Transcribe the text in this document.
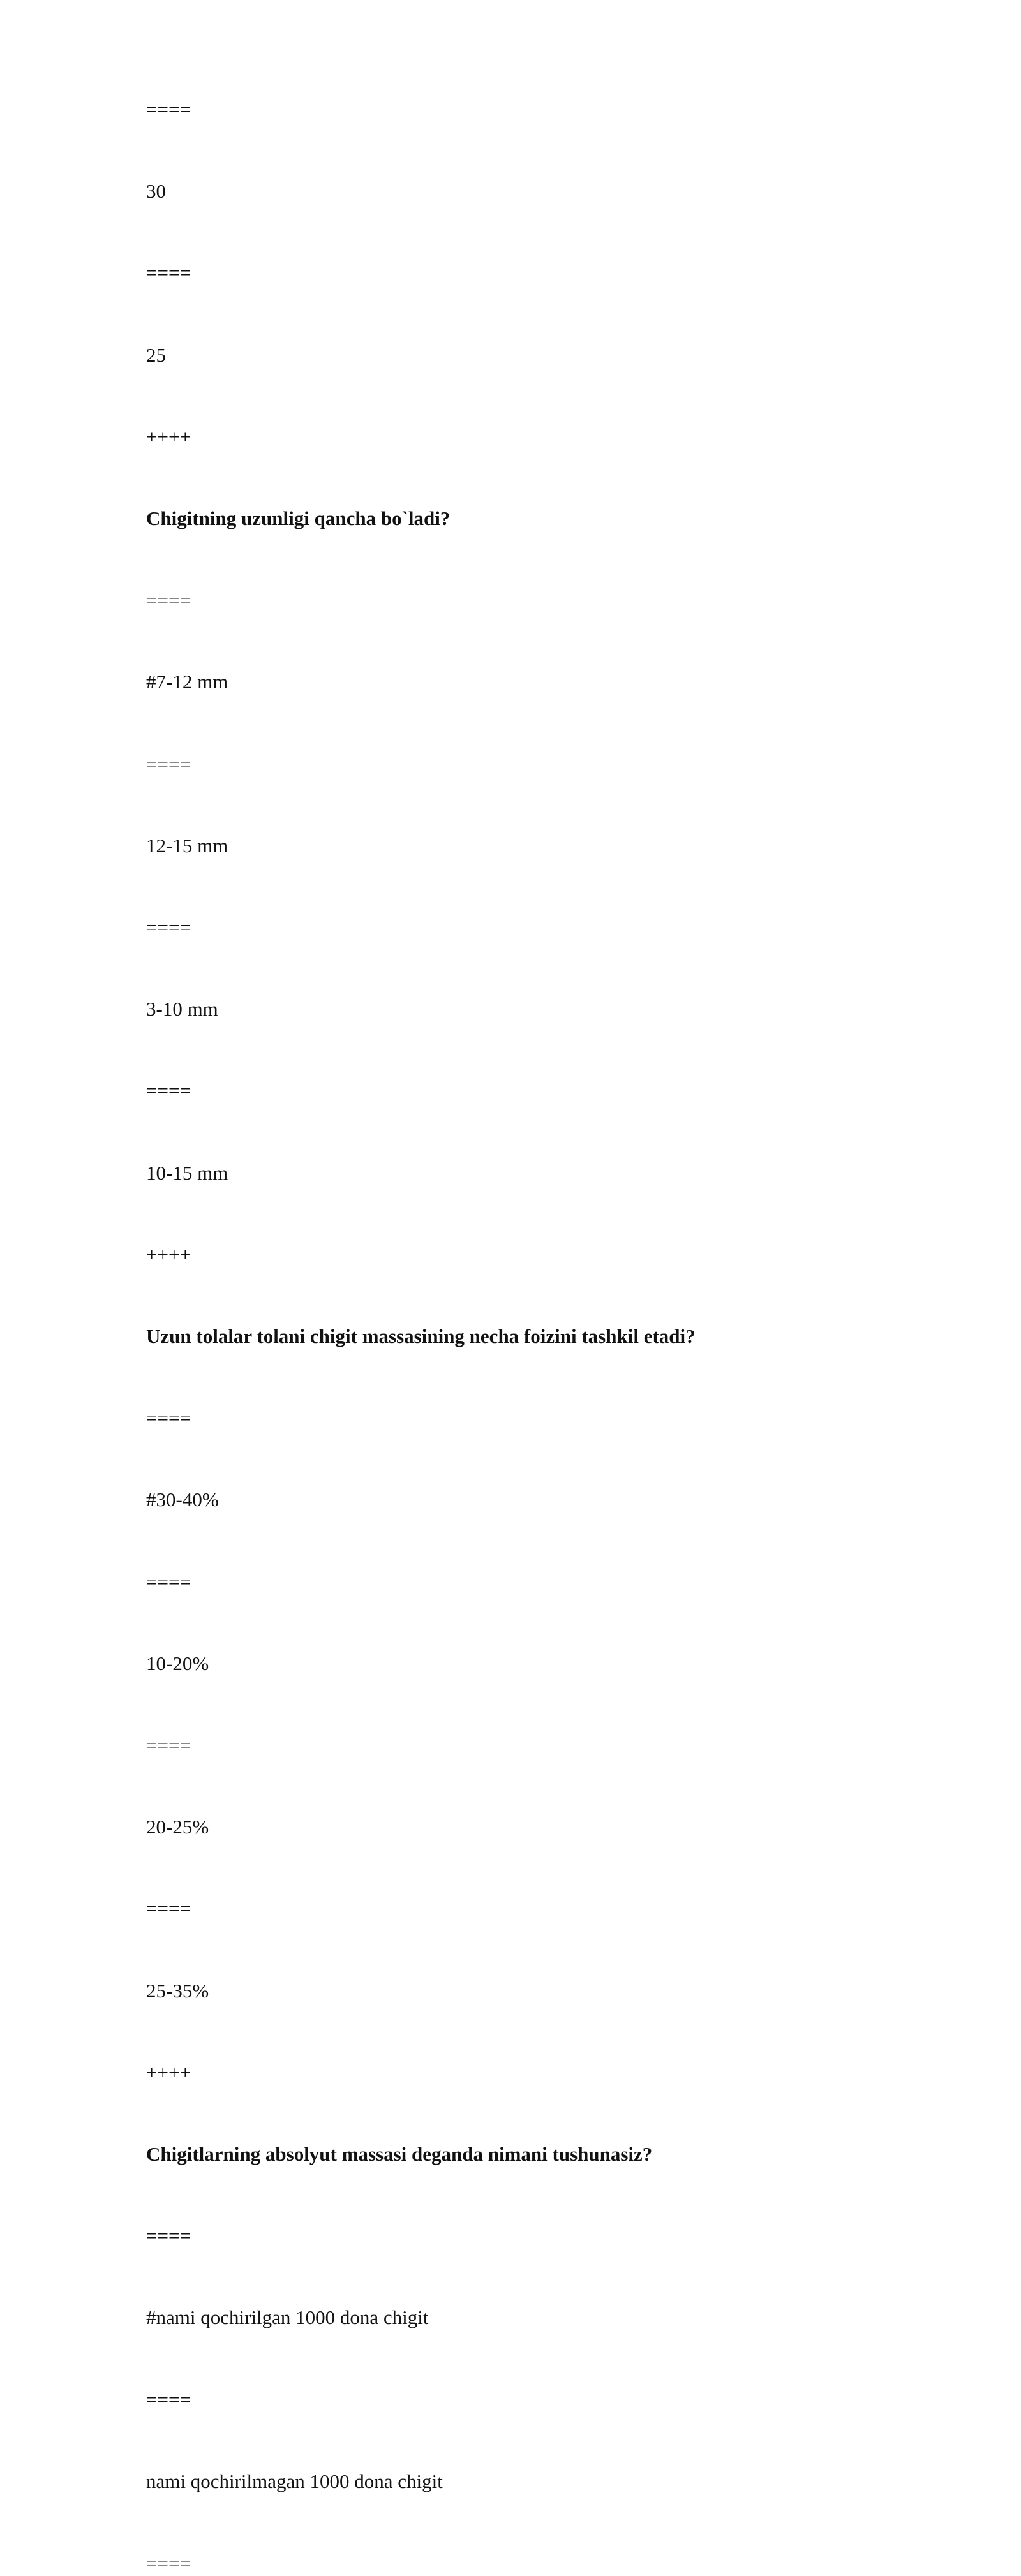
====
30
====
25
++++
Chigitning uzunligi qancha bo`ladi?
====
#7-12 mm
====
12-15 mm
====
3-10 mm
====
10-15 mm
++++
Uzun tolalar tolani chigit massasining necha foizini tashkil etadi?
====
#30-40%
====
10-20%
====
20-25%
====
25-35%
++++
Chigitlarning absolyut massasi deganda nimani tushunasiz?
====
#nami qochirilgan 1000 dona chigit
====
nami qochirilmagan 1000 dona chigit
====
